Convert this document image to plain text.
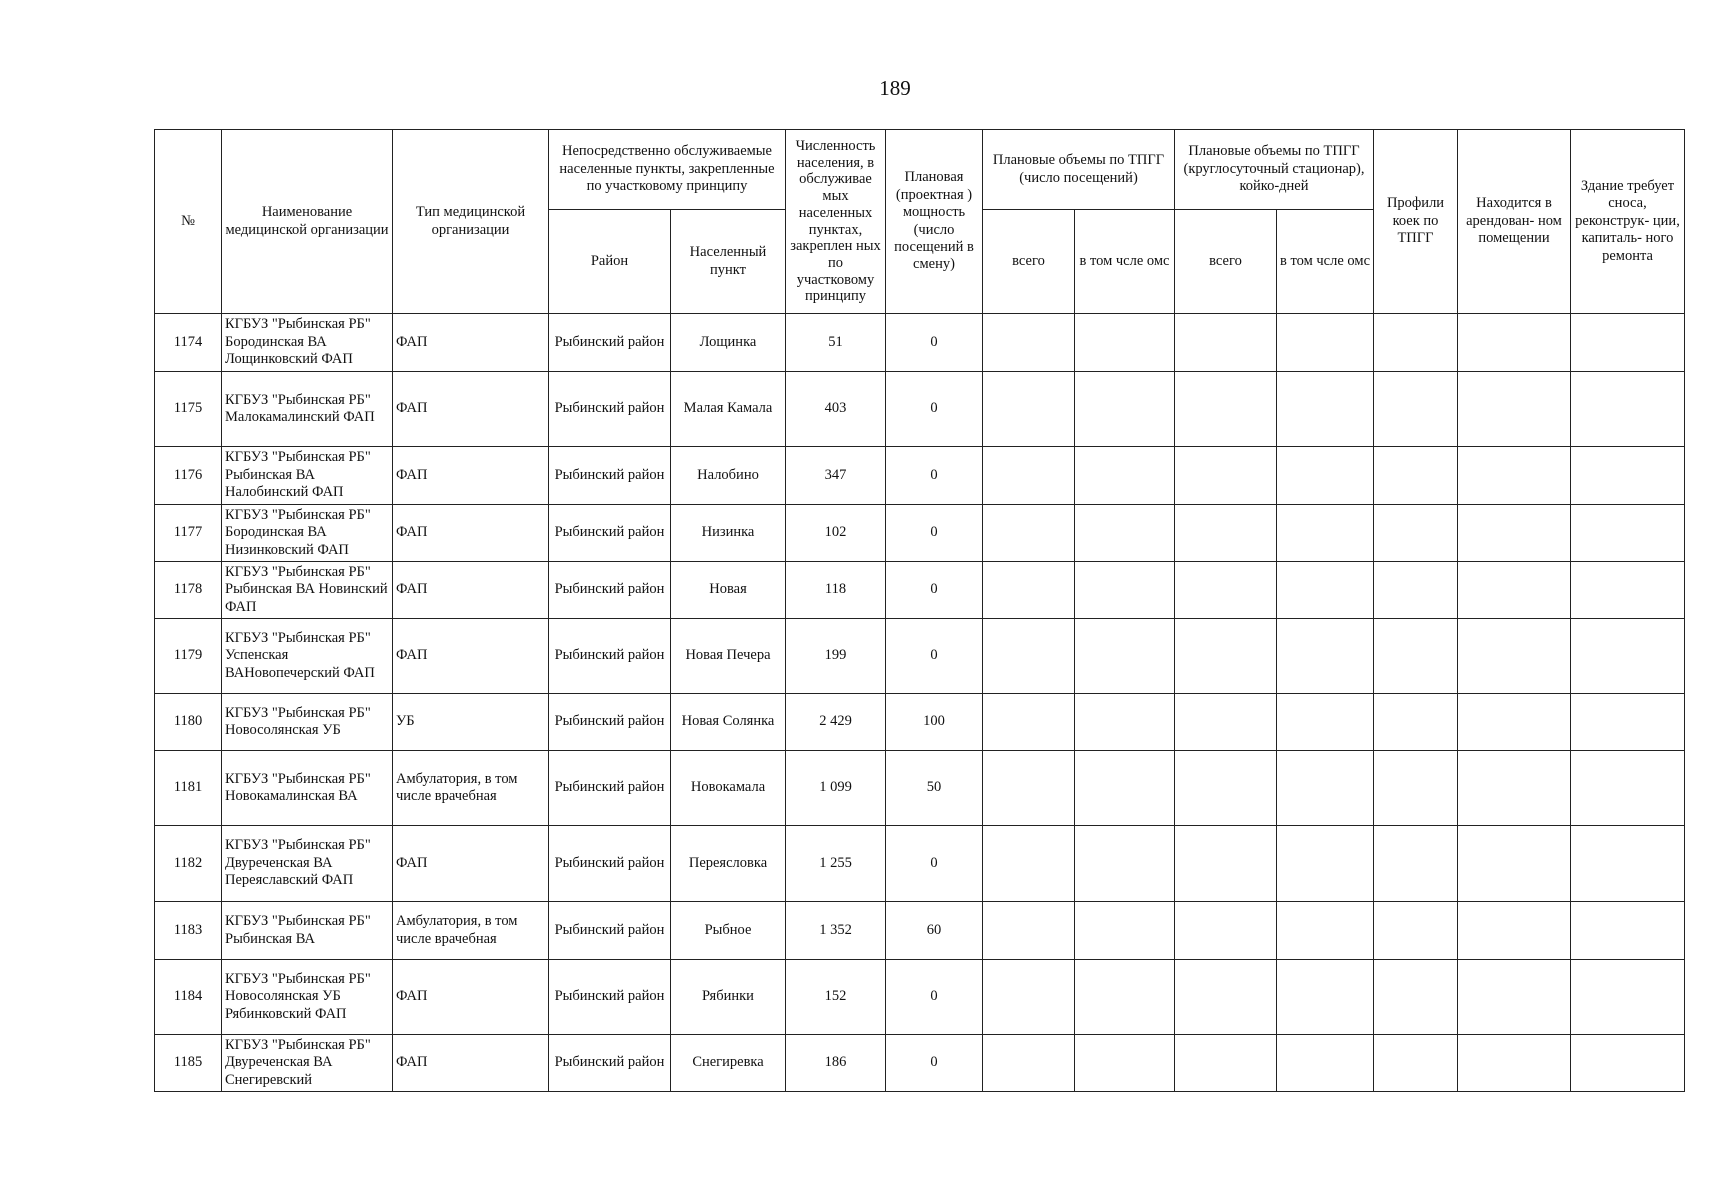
189
№	Наименование медицинской организации	Тип медицинской организации	Непосредственно обслуживаемые населенные пункты, закрепленные по участковому принципу		Численность населения, в обслуживае мых населенных пунктах, закреплен ных по участковому принципу	Плановая (проектная ) мощность (число посещений в смену)	Плановые объемы по ТПГГ (число посещений)		Плановые объемы по ТПГГ (круглосуточный стационар), койко-дней		Профили коек по ТПГГ	Находится в арендован- ном помещении	Здание требует сноса, реконструк- ции, капиталь- ного ремонта
			Район	Населенный пункт			всего	в том чсле омс	всего	в том чсле омс			
1174	КГБУЗ "Рыбинская РБ" Бородинская ВА Лощинковский ФАП	ФАП	Рыбинский район	Лощинка	51	0							
1175	КГБУЗ "Рыбинская РБ" Малокамалинский ФАП	ФАП	Рыбинский район	Малая Камала	403	0							
1176	КГБУЗ "Рыбинская РБ" Рыбинская ВА Налобинский ФАП	ФАП	Рыбинский район	Налобино	347	0							
1177	КГБУЗ "Рыбинская РБ" Бородинская ВА Низинковский ФАП	ФАП	Рыбинский район	Низинка	102	0							
1178	КГБУЗ "Рыбинская РБ" Рыбинская ВА Новинский ФАП	ФАП	Рыбинский район	Новая	118	0							
1179	КГБУЗ "Рыбинская РБ" Успенская ВАНовопечерский ФАП	ФАП	Рыбинский район	Новая Печера	199	0							
1180	КГБУЗ "Рыбинская РБ" Новосолянская УБ	УБ	Рыбинский район	Новая Солянка	2 429	100							
1181	КГБУЗ "Рыбинская РБ" Новокамалинская ВА	Амбулатория, в том числе врачебная	Рыбинский район	Новокамала	1 099	50							
1182	КГБУЗ "Рыбинская РБ" Двуреченская ВА Переяславский ФАП	ФАП	Рыбинский район	Переясловка	1 255	0							
1183	КГБУЗ "Рыбинская РБ" Рыбинская ВА	Амбулатория, в том числе врачебная	Рыбинский район	Рыбное	1 352	60							
1184	КГБУЗ "Рыбинская РБ" Новосолянская УБ Рябинковский ФАП	ФАП	Рыбинский район	Рябинки	152	0							
1185	КГБУЗ "Рыбинская РБ" Двуреченская ВА Снегиревский	ФАП	Рыбинский район	Снегиревка	186	0							
